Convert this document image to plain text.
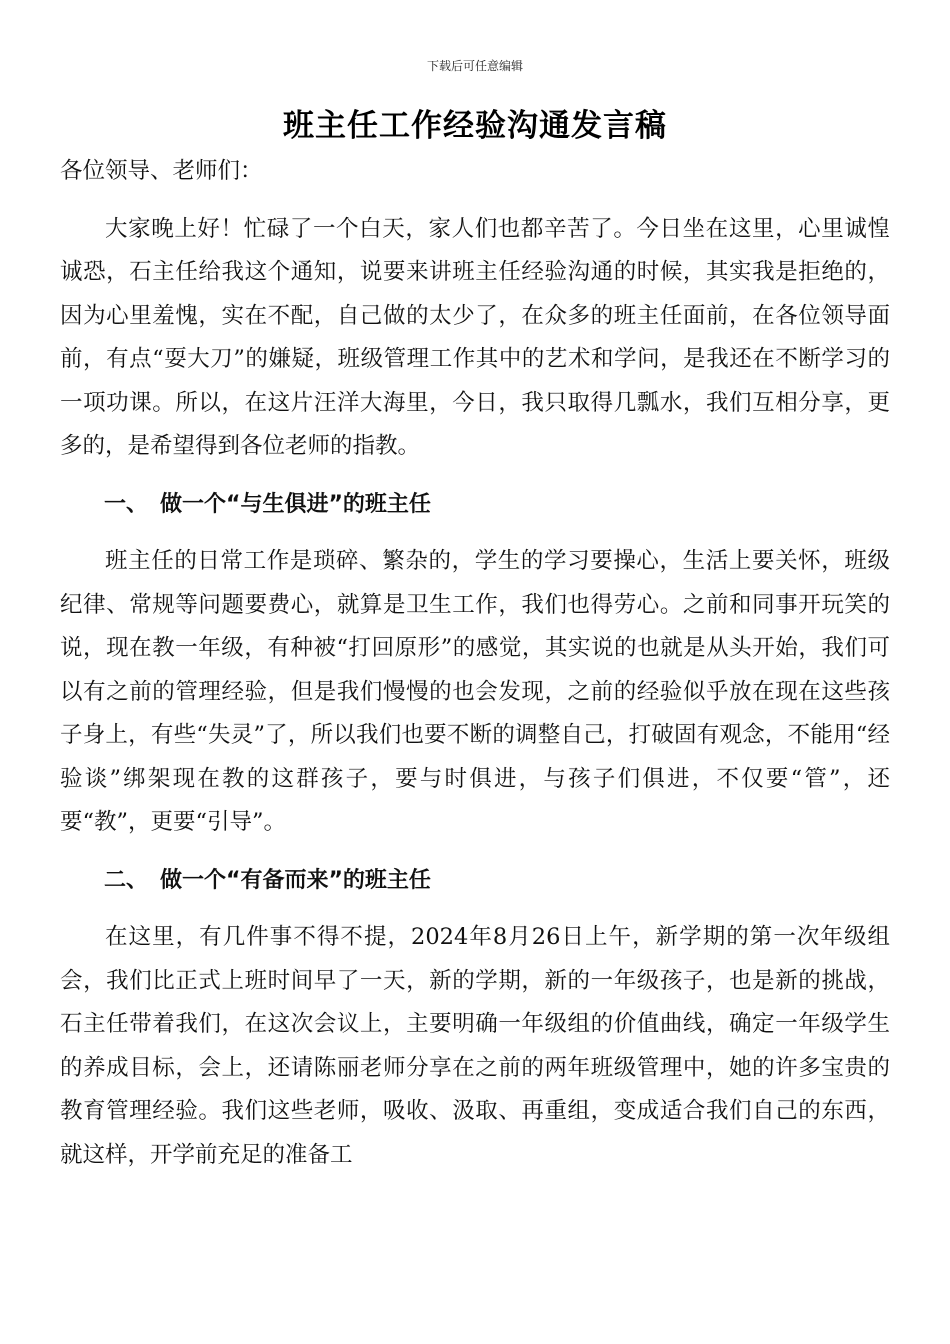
下载后可任意编辑
班主任工作经验沟通发言稿

各位领导、老师们：

大家晚上好！忙碌了一个白天，家人们也都辛苦了。今日坐在这里，心里诚惶诚恐，石主任给我这个通知，说要来讲班主任经验沟通的时候，其实我是拒绝的，因为心里羞愧，实在不配，自己做的太少了，在众多的班主任面前，在各位领导面前，有点“耍大刀”的嫌疑，班级管理工作其中的艺术和学问，是我还在不断学习的一项功课。所以，在这片汪洋大海里，今日，我只取得几瓢水，我们互相分享，更多的，是希望得到各位老师的指教。

一、 做一个“与生俱进”的班主任

班主任的日常工作是琐碎、繁杂的，学生的学习要操心，生活上要关怀，班级纪律、常规等问题要费心，就算是卫生工作，我们也得劳心。之前和同事开玩笑的说，现在教一年级，有种被“打回原形”的感觉，其实说的也就是从头开始，我们可以有之前的管理经验，但是我们慢慢的也会发现，之前的经验似乎放在现在这些孩子身上，有些“失灵”了，所以我们也要不断的调整自己，打破固有观念，不能用“经验谈”绑架现在教的这群孩子，要与时俱进，与孩子们俱进，不仅要“管”，还要“教”，更要“引导”。

二、 做一个“有备而来”的班主任

在这里，有几件事不得不提，2024年8月26日上午，新学期的第一次年级组会，我们比正式上班时间早了一天，新的学期，新的一年级孩子，也是新的挑战，石主任带着我们，在这次会议上，主要明确一年级组的价值曲线，确定一年级学生的养成目标，会上，还请陈丽老师分享在之前的两年班级管理中，她的许多宝贵的教育管理经验。我们这些老师，吸收、汲取、再重组，变成适合我们自己的东西，就这样，开学前充足的准备工
